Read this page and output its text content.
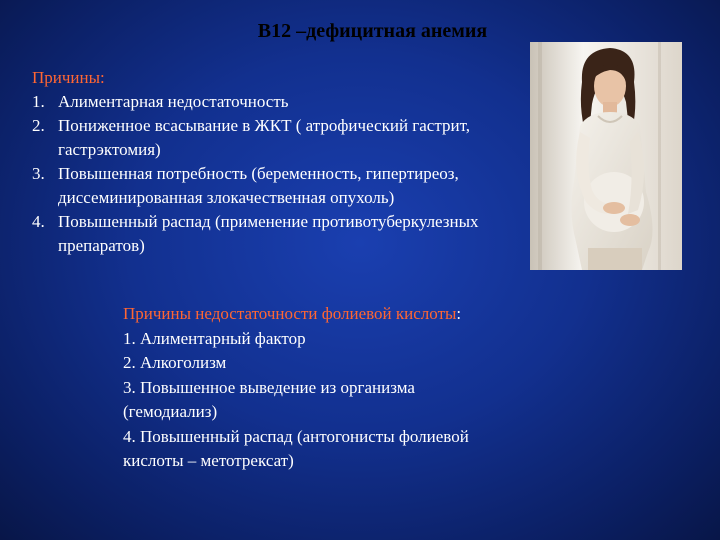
B12 –дефицитная анемия
Причины:
1. Алиментарная недостаточность
2. Пониженное всасывание в ЖКТ ( атрофический гастрит, гастрэктомия)
3. Повышенная потребность (беременность, гипертиреоз, диссеминированная злокачественная опухоль)
4. Повышенный распад (применение противотуберкулезных препаратов)
Причины недостаточности фолиевой кислоты:
1. Алиментарный фактор
2. Алкоголизм
3. Повышенное выведение из организма (гемодиализ)
4. Повышенный распад (антогонисты фолиевой кислоты – метотрексат)
